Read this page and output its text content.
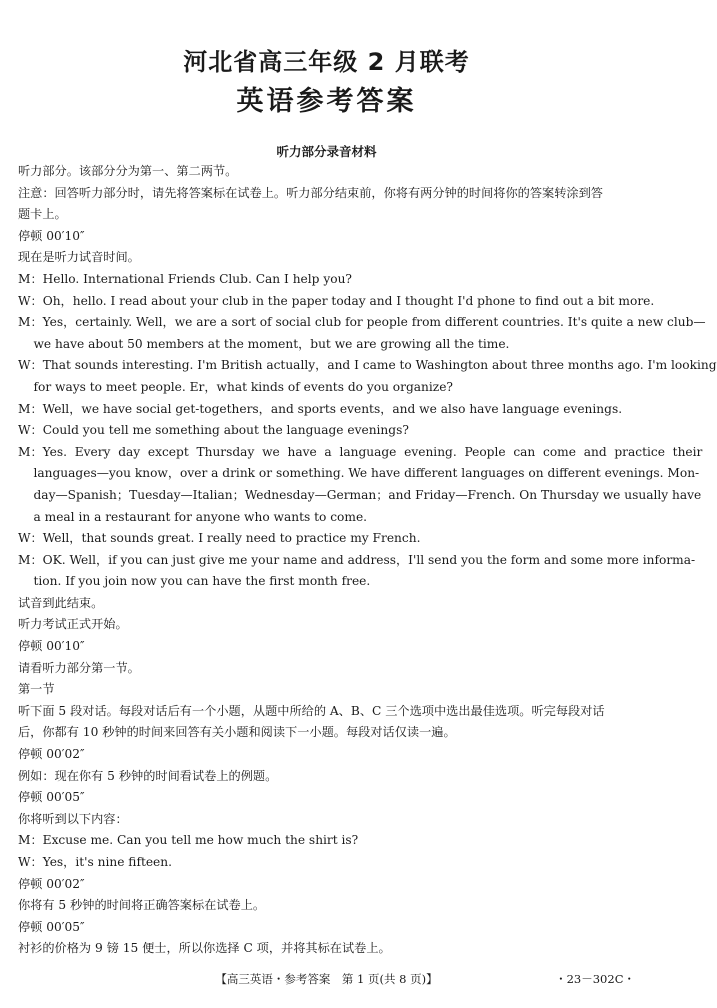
河北省高三年级 2 月联考
英语参考答案
听力部分录音材料
听力部分。该部分分为第一、第二两节。
注意：回答听力部分时，请先将答案标在试卷上。听力部分结束前，你将有两分钟的时间将你的答案转涂到答
题卡上。
停顿 00′10″
现在是听力试音时间。
M：Hello. International Friends Club. Can I help you?
W：Oh，hello. I read about your club in the paper today and I thought I'd phone to find out a bit more.
M：Yes，certainly. Well，we are a sort of social club for people from different countries. It's quite a new club—
we have about 50 members at the moment，but we are growing all the time.
W：That sounds interesting. I'm British actually，and I came to Washington about three months ago. I'm looking
for ways to meet people. Er，what kinds of events do you organize?
M：Well，we have social get-togethers，and sports events，and we also have language evenings.
W：Could you tell me something about the language evenings?
M：Yes.  Every  day  except  Thursday  we  have  a  language  evening.  People  can  come  and  practice  their
languages—you know，over a drink or something. We have different languages on different evenings. Mon-
day—Spanish；Tuesday—Italian；Wednesday—German；and Friday—French. On Thursday we usually have
a meal in a restaurant for anyone who wants to come.
W：Well，that sounds great. I really need to practice my French.
M：OK. Well，if you can just give me your name and address，I'll send you the form and some more informa-
tion. If you join now you can have the first month free.
试音到此结束。
听力考试正式开始。
停顿 00′10″
请看听力部分第一节。
第一节
听下面 5 段对话。每段对话后有一个小题，从题中所给的 A、B、C 三个选项中选出最佳选项。听完每段对话
后，你都有 10 秒钟的时间来回答有关小题和阅读下一小题。每段对话仅读一遍。
停顿 00′02″
例如：现在你有 5 秒钟的时间看试卷上的例题。
停顿 00′05″
你将听到以下内容：
M：Excuse me. Can you tell me how much the shirt is?
W：Yes，it's nine fifteen.
停顿 00′02″
你将有 5 秒钟的时间将正确答案标在试卷上。
停顿 00′05″
衬衫的价格为 9 镑 15 便士，所以你选择 C 项，并将其标在试卷上。
【高三英语・参考答案　第 1 页(共 8 页)】	・23－302C・
